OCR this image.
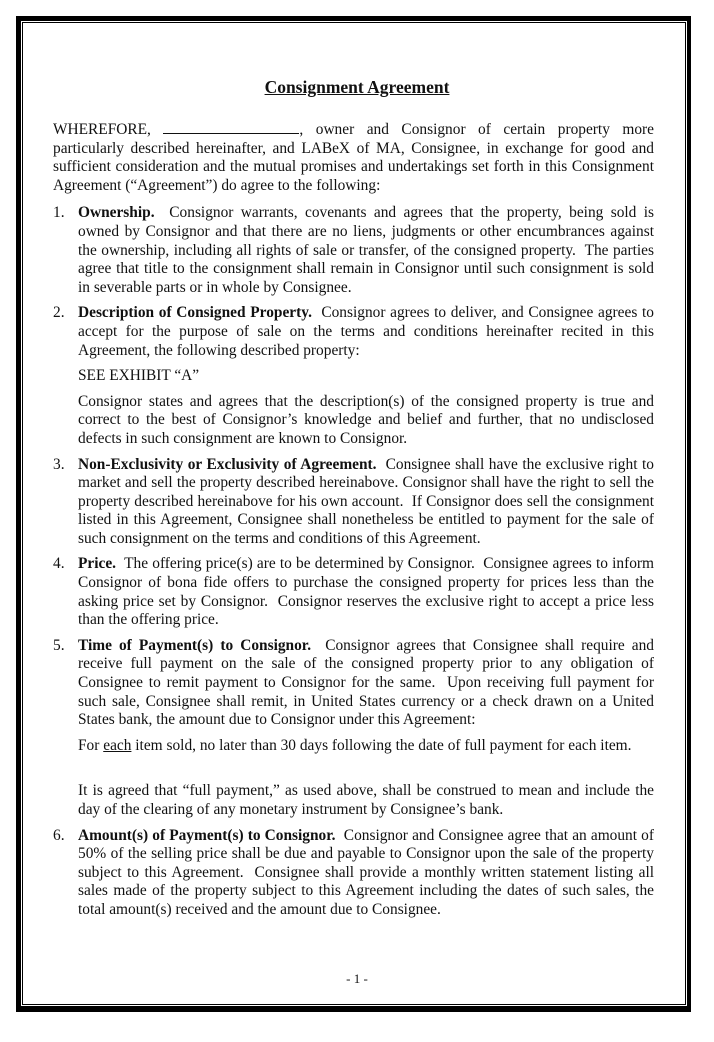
Consignment Agreement

WHEREFORE,	, owner and Consignor of certain property more particularly described hereinafter, and LABeX of MA, Consignee, in exchange for good and sufficient consideration and the mutual promises and undertakings set forth in this Consignment Agreement (“Agreement”) do agree to the following:

1. Ownership.  Consignor warrants, covenants and agrees that the property, being sold is owned by Consignor and that there are no liens, judgments or other encumbrances against the ownership, including all rights of sale or transfer, of the consigned property.  The parties agree that title to the consignment shall remain in Consignor until such consignment is sold in severable parts or in whole by Consignee.

2. Description of Consigned Property.  Consignor agrees to deliver, and Consignee agrees to accept for the purpose of sale on the terms and conditions hereinafter recited in this Agreement, the following described property:

SEE EXHIBIT “A”

Consignor states and agrees that the description(s) of the consigned property is true and correct to the best of Consignor’s knowledge and belief and further, that no undisclosed defects in such consignment are known to Consignor.

3. Non-Exclusivity or Exclusivity of Agreement.  Consignee shall have the exclusive right to market and sell the property described hereinabove. Consignor shall have the right to sell the property described hereinabove for his own account.  If Consignor does sell the consignment listed in this Agreement, Consignee shall nonetheless be entitled to payment for the sale of such consignment on the terms and conditions of this Agreement.

4. Price.  The offering price(s) are to be determined by Consignor.  Consignee agrees to inform Consignor of bona fide offers to purchase the consigned property for prices less than the asking price set by Consignor.  Consignor reserves the exclusive right to accept a price less than the offering price.

5. Time of Payment(s) to Consignor.  Consignor agrees that Consignee shall require and receive full payment on the sale of the consigned property prior to any obligation of Consignee to remit payment to Consignor for the same.  Upon receiving full payment for such sale, Consignee shall remit, in United States currency or a check drawn on a United States bank, the amount due to Consignor under this Agreement:

For each item sold, no later than 30 days following the date of full payment for each item.

It is agreed that “full payment,” as used above, shall be construed to mean and include the day of the clearing of any monetary instrument by Consignee’s bank.

6. Amount(s) of Payment(s) to Consignor.  Consignor and Consignee agree that an amount of 50% of the selling price shall be due and payable to Consignor upon the sale of the property subject to this Agreement.  Consignee shall provide a monthly written statement listing all sales made of the property subject to this Agreement including the dates of such sales, the total amount(s) received and the amount due to Consignee.

- 1 -
